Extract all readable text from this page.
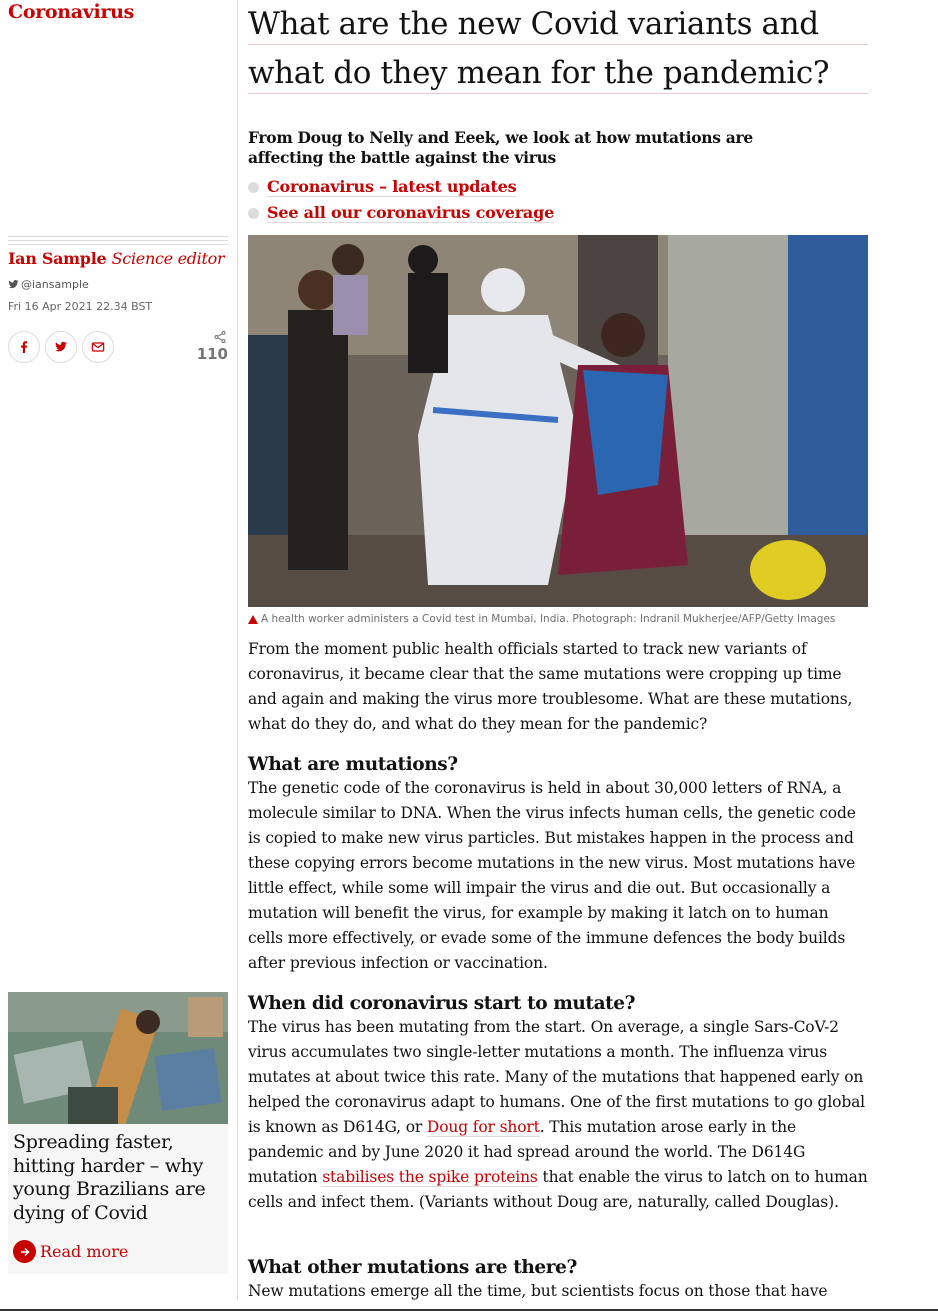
Coronavirus
Ian Sample Science editor
@iansample
Fri 16 Apr 2021 22.34 BST
110
Spreading faster, hitting harder – why young Brazilians are dying of Covid
Read more
What are the new Covid variants and what do they mean for the pandemic?
From Doug to Nelly and Eeek, we look at how mutations are affecting the battle against the virus
Coronavirus – latest updates
See all our coronavirus coverage
A health worker administers a Covid test in Mumbai, India. Photograph: Indranil Mukherjee/AFP/Getty Images

From the moment public health officials started to track new variants of coronavirus, it became clear that the same mutations were cropping up time and again and making the virus more troublesome. What are these mutations, what do they do, and what do they mean for the pandemic?

What are mutations?

The genetic code of the coronavirus is held in about 30,000 letters of RNA, a molecule similar to DNA. When the virus infects human cells, the genetic code is copied to make new virus particles. But mistakes happen in the process and these copying errors become mutations in the new virus. Most mutations have little effect, while some will impair the virus and die out. But occasionally a mutation will benefit the virus, for example by making it latch on to human cells more effectively, or evade some of the immune defences the body builds after previous infection or vaccination.

When did coronavirus start to mutate?

The virus has been mutating from the start. On average, a single Sars-CoV-2 virus accumulates two single-letter mutations a month. The influenza virus mutates at about twice this rate. Many of the mutations that happened early on helped the coronavirus adapt to humans. One of the first mutations to go global is known as D614G, or Doug for short. This mutation arose early in the pandemic and by June 2020 it had spread around the world. The D614G mutation stabilises the spike proteins that enable the virus to latch on to human cells and infect them. (Variants without Doug are, naturally, called Douglas).

What other mutations are there?

New mutations emerge all the time, but scientists focus on those that have
